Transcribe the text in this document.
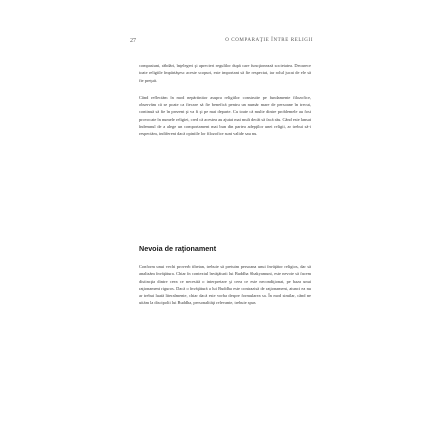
27	O COMPARAŢIE ÎNTRE RELIGII

compasiuni, răbdări, înţelegeri şi aprecieri regulilor după care funcţionează societatea. Deoarece toate religiile împărtăşesc aceste scopuri, este important să fie respectat, iar rolul jucat de ele să fie preţuit.

Când reflectăm în mod nepărtinitor asupra religiilor construite pe fundamente filozofice, observăm că se poate ca fiecare să fie benefică pentru un număr mare de persoane în trecut, continuă să fie în prezent şi va fi şi pe mai departe. Cu toate că multe dintre problemele au fost provocate în numele religiei, cred că acestea au ajutat mai mult decât să facă rău. Când este lansat îndemnul de a alege un comportament mai bun din partea adepţilor unei religii, ar trebui să-i respectăm, indiferent dacă opiniile lor filozofice sunt valide sau nu.

Nevoia de raţionament

Conform unui vechi proverb tibetan, trebuie să pretuim persoana unui învăţător religios, dar să analizăm învăţătura. Chiar în contextul învăţăturii lui Buddha Shakyamuni, este nevoie să facem distincţia dintre ceea ce necesită o interpretare şi ceea ce este necondiţionat, pe baza unui raţionament riguros. Dacă o învăţătură a lui Buddha este contrazisă de raţionament, atunci ea nu ar trebui luată literalmente, chiar dacă este vorba despre formularea sa. În mod similar, când ne uităm la discipolii lui Buddha, personalităţi relevante, trebuie spus
